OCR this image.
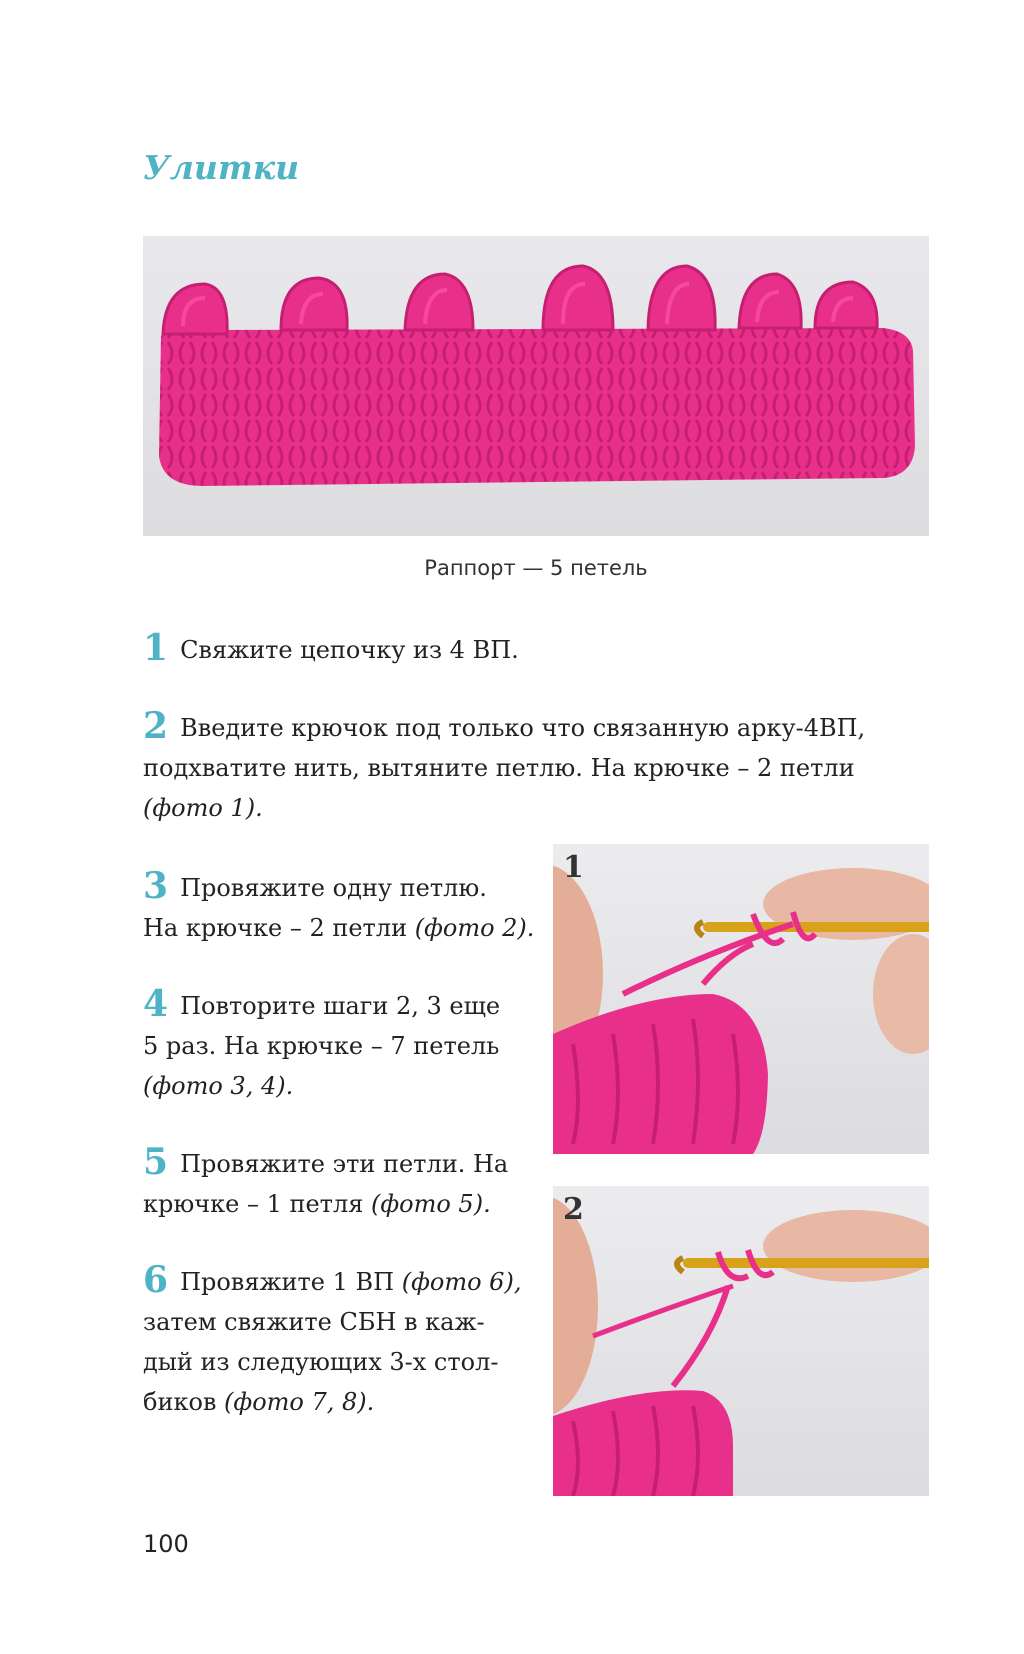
Улитки
Раппорт — 5 петель

1 Свяжите цепочку из 4 ВП.

2 Введите крючок под только что связанную арку-4ВП, подхватите нить, вытяните петлю. На крючке – 2 петли (фото 1).

3 Провяжите одну петлю.
На крючке – 2 петли (фото 2).

4 Повторите шаги 2, 3 еще
5 раз. На крючке – 7 петель
(фото 3, 4).

5 Провяжите эти петли. На
крючке – 1 петля (фото 5).

6 Провяжите 1 ВП (фото 6),
затем свяжите СБН в каж-
дый из следующих 3-х стол-
биков (фото 7, 8).

1
2
100
